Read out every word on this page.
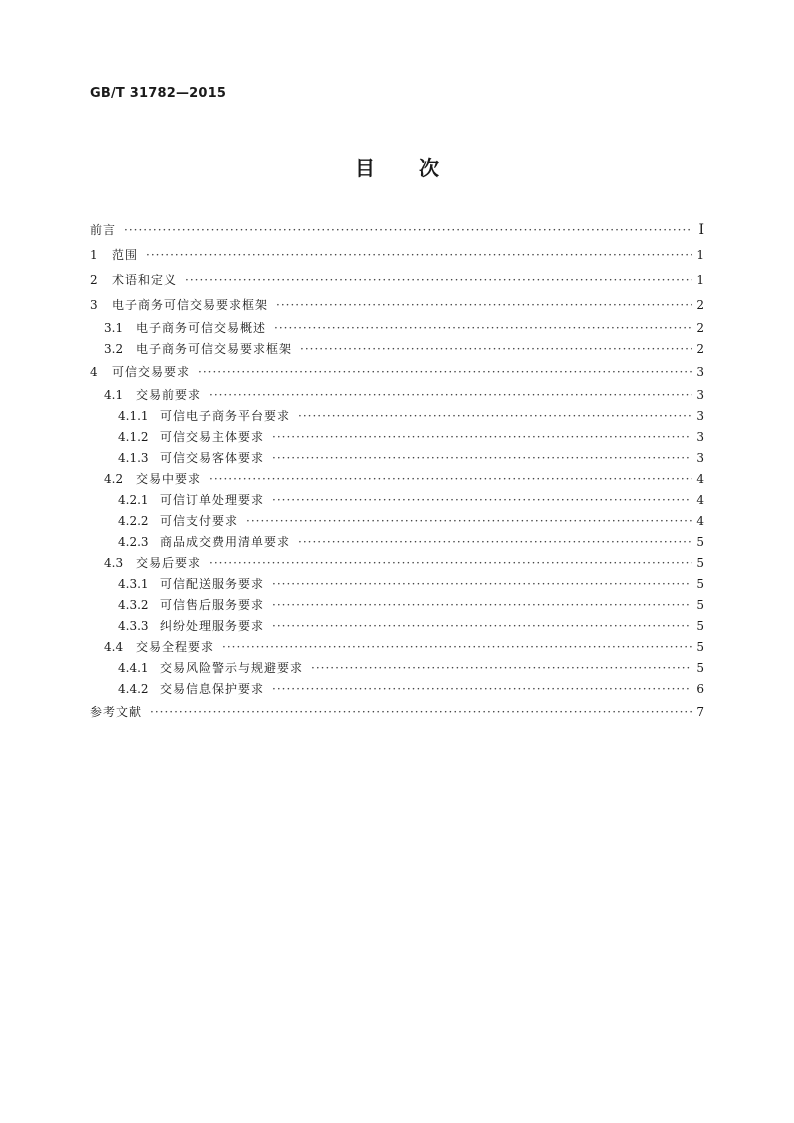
GB/T 31782—2015
目 次
前言 ·····	Ⅰ
1	范围 ·····	1
2	术语和定义 ·····	1
3	电子商务可信交易要求框架 ·····	2
3.1	电子商务可信交易概述 ·····	2
3.2	电子商务可信交易要求框架 ·····	2
4	可信交易要求 ·····	3
4.1	交易前要求 ·····	3
4.1.1 可信电子商务平台要求 ·····	3
4.1.2 可信交易主体要求 ·····	3
4.1.3 可信交易客体要求 ·····	3
4.2	交易中要求 ·····	4
4.2.1 可信订单处理要求 ·····	4
4.2.2 可信支付要求 ·····	4
4.2.3 商品成交费用清单要求 ·····	5
4.3	交易后要求 ·····	5
4.3.1 可信配送服务要求 ·····	5
4.3.2 可信售后服务要求 ·····	5
4.3.3 纠纷处理服务要求 ·····	5
4.4	交易全程要求 ·····	5
4.4.1 交易风险警示与规避要求 ·····	5
4.4.2 交易信息保护要求 ·····	6
参考文献 ·····	7
